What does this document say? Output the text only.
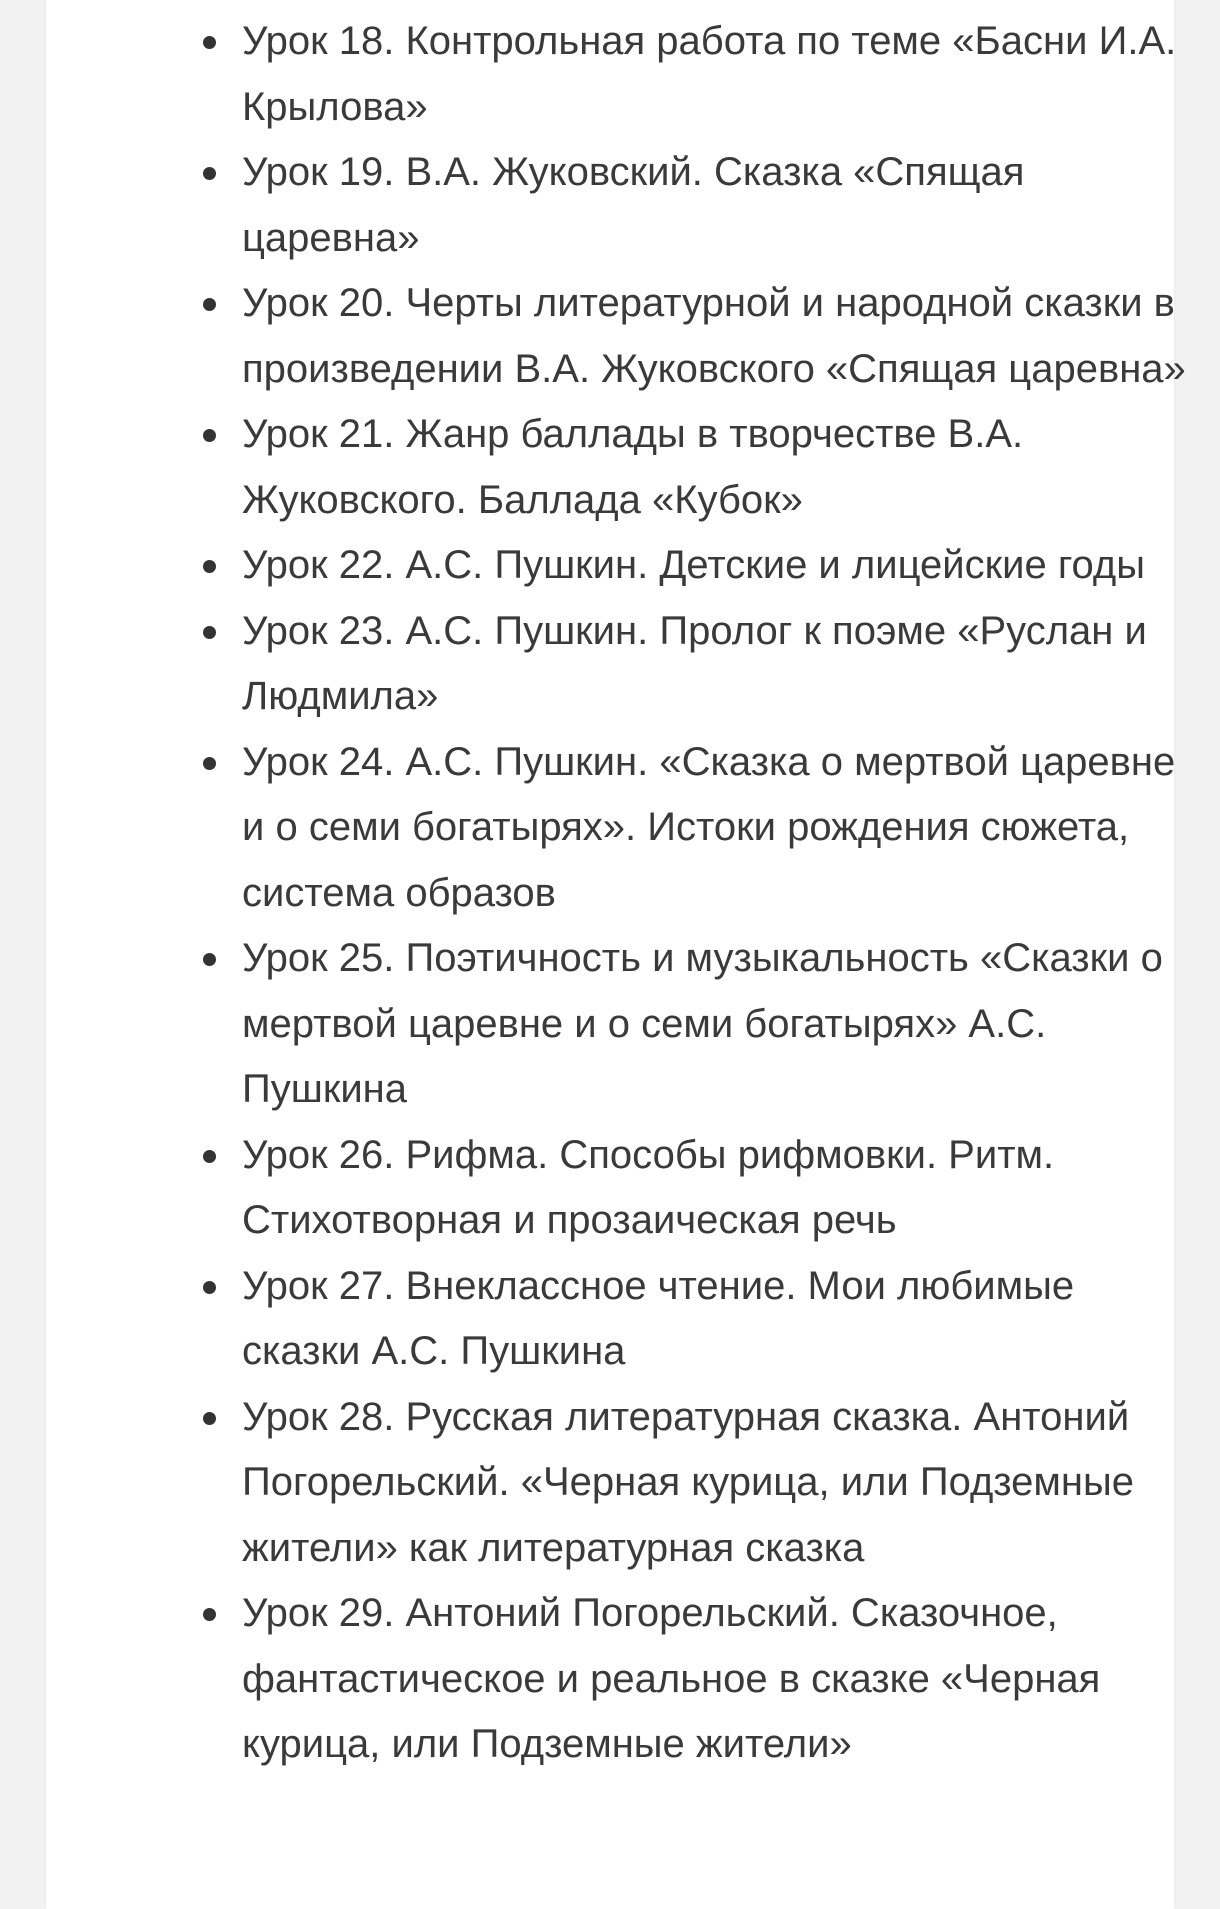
Урок 18. Контрольная работа по теме «Басни И.А. Крылова»
Урок 19. В.А. Жуковский. Сказка «Спящая царевна»
Урок 20. Черты литературной и народной сказки в произведении В.А. Жуковского «Спящая царевна»
Урок 21. Жанр баллады в творчестве В.А. Жуковского. Баллада «Кубок»
Урок 22. А.С. Пушкин. Детские и лицейские годы
Урок 23. А.С. Пушкин. Пролог к поэме «Руслан и Людмила»
Урок 24. А.С. Пушкин. «Сказка о мертвой царевне и о семи богатырях». Истоки рождения сюжета, система образов
Урок 25. Поэтичность и музыкальность «Сказки о мертвой царевне и о семи богатырях» А.С. Пушкина
Урок 26. Рифма. Способы рифмовки. Ритм. Стихотворная и прозаическая речь
Урок 27. Внеклассное чтение. Мои любимые сказки А.С. Пушкина
Урок 28. Русская литературная сказка. Антоний Погорельский. «Черная курица, или Подземные жители» как литературная сказка
Урок 29. Антоний Погорельский. Сказочное, фантастическое и реальное в сказке «Черная курица, или Подземные жители»
